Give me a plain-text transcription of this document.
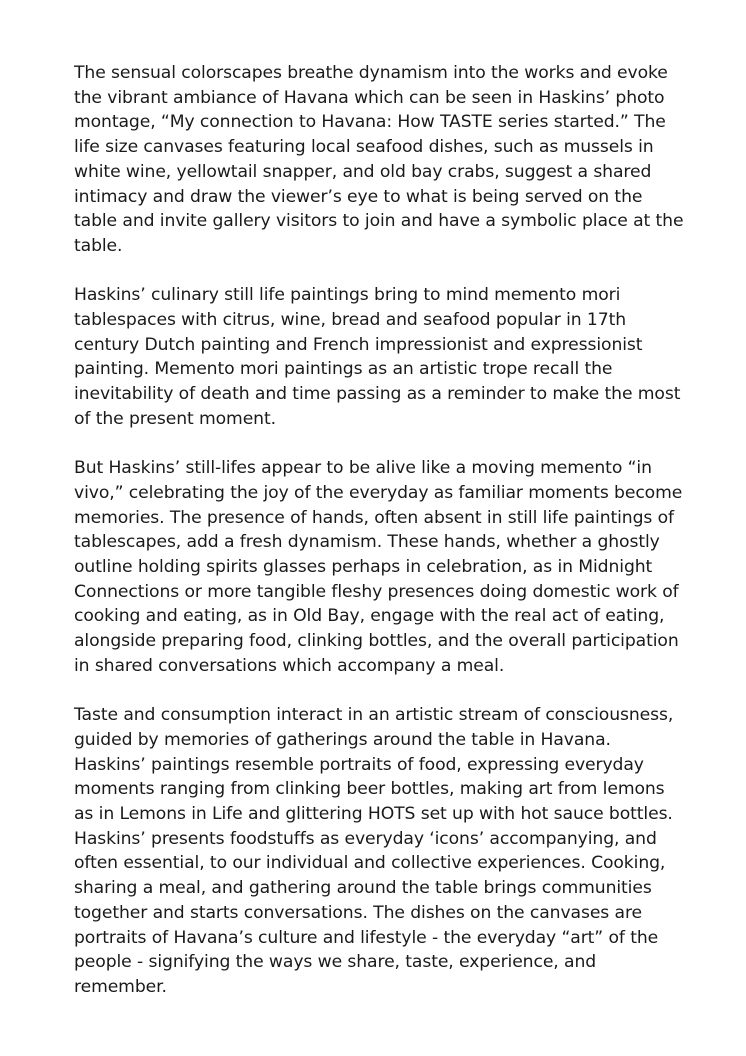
The sensual colorscapes breathe dynamism into the works and evoke the vibrant ambiance of Havana which can be seen in Haskins’ photo montage, “My connection to Havana: How TASTE series started.” The life size canvases featuring local seafood dishes, such as mussels in white wine, yellowtail snapper, and old bay crabs, suggest a shared intimacy and draw the viewer’s eye to what is being served on the table and invite gallery visitors to join and have a symbolic place at the table.

Haskins’ culinary still life paintings bring to mind memento mori tablespaces with citrus, wine, bread and seafood popular in 17th century Dutch painting and French impressionist and expressionist painting. Memento mori paintings as an artistic trope recall the inevitability of death and time passing as a reminder to make the most of the present moment.

But Haskins’ still-lifes appear to be alive like a moving memento “in vivo,” celebrating the joy of the everyday as familiar moments become memories. The presence of hands, often absent in still life paintings of tablescapes, add a fresh dynamism. These hands, whether a ghostly outline holding spirits glasses perhaps in celebration, as in Midnight Connections or more tangible fleshy presences doing domestic work of cooking and eating, as in Old Bay, engage with the real act of eating, alongside preparing food, clinking bottles, and the overall participation in shared conversations which accompany a meal.

Taste and consumption interact in an artistic stream of consciousness, guided by memories of gatherings around the table in Havana. Haskins’ paintings resemble portraits of food, expressing everyday moments ranging from clinking beer bottles, making art from lemons as in Lemons in Life and glittering HOTS set up with hot sauce bottles. Haskins’ presents foodstuffs as everyday ‘icons’ accompanying, and often essential, to our individual and collective experiences. Cooking, sharing a meal, and gathering around the table brings communities together and starts conversations. The dishes on the canvases are portraits of Havana’s culture and lifestyle - the everyday “art” of the people - signifying the ways we share, taste, experience, and remember.
